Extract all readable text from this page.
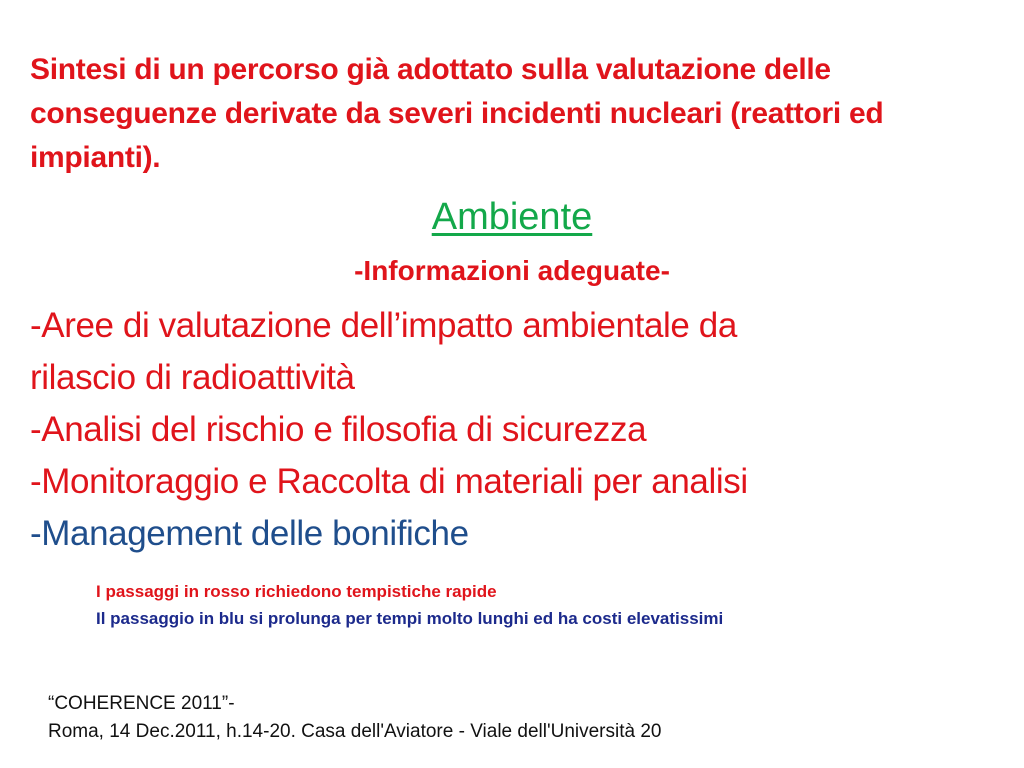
Sintesi di un percorso già adottato sulla valutazione delle conseguenze derivate da severi incidenti nucleari (reattori ed impianti).
Ambiente
-Informazioni adeguate-
-Aree di valutazione dell’impatto ambientale da
rilascio di radioattività
-Analisi del rischio e filosofia di sicurezza
-Monitoraggio e Raccolta di materiali per analisi
-Management delle bonifiche
I passaggi in rosso richiedono tempistiche rapide
Il passaggio in blu si prolunga per tempi molto lunghi ed ha costi elevatissimi
“COHERENCE 2011”-
Roma, 14 Dec.2011, h.14-20. Casa dell'Aviatore - Viale dell'Università 20
